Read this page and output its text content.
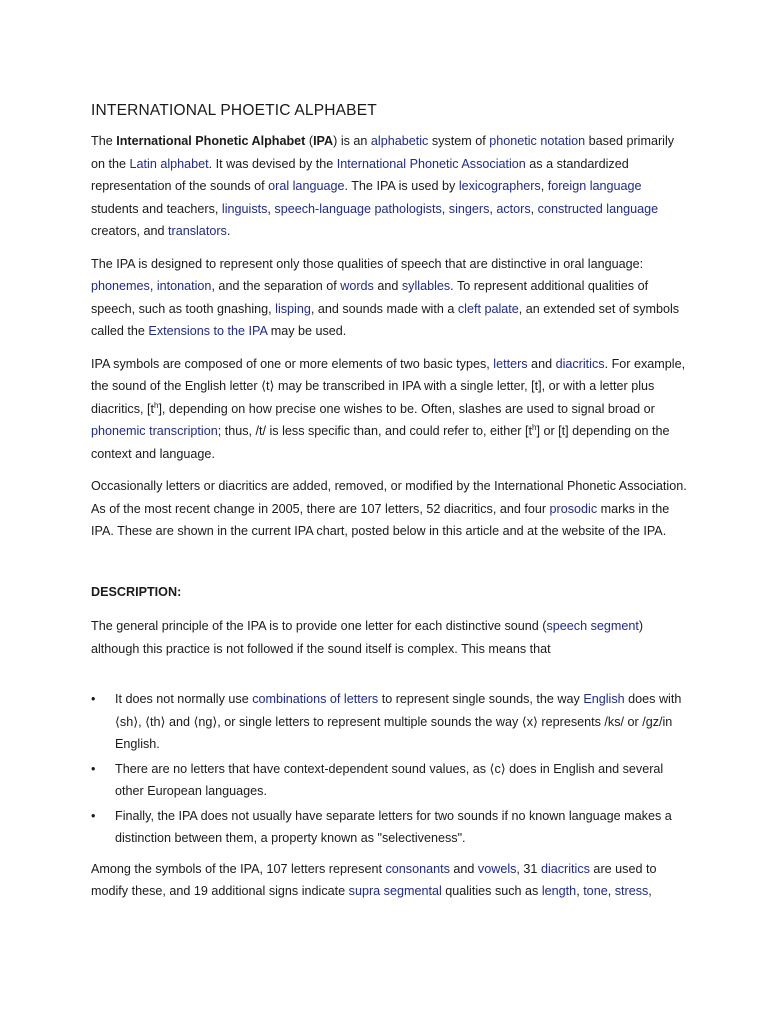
INTERNATIONAL PHOETIC ALPHABET

The International Phonetic Alphabet (IPA) is an alphabetic system of phonetic notation based primarily on the Latin alphabet. It was devised by the International Phonetic Association as a standardized representation of the sounds of oral language. The IPA is used by lexicographers, foreign language students and teachers, linguists, speech-language pathologists, singers, actors, constructed language creators, and translators.

The IPA is designed to represent only those qualities of speech that are distinctive in oral language: phonemes, intonation, and the separation of words and syllables. To represent additional qualities of speech, such as tooth gnashing, lisping, and sounds made with a cleft palate, an extended set of symbols called the Extensions to the IPA may be used.

IPA symbols are composed of one or more elements of two basic types, letters and diacritics. For example, the sound of the English letter ⟨t⟩ may be transcribed in IPA with a single letter, [t], or with a letter plus diacritics, $[t^h]$, depending on how precise one wishes to be. Often, slashes are used to signal broad or phonemic transcription; thus, /t/ is less specific than, and could refer to, either $[t^h]$ or [t] depending on the context and language.

Occasionally letters or diacritics are added, removed, or modified by the International Phonetic Association. As of the most recent change in 2005, there are 107 letters, 52 diacritics, and four prosodic marks in the IPA. These are shown in the current IPA chart, posted below in this article and at the website of the IPA.

DESCRIPTION:

The general principle of the IPA is to provide one letter for each distinctive sound (speech segment) although this practice is not followed if the sound itself is complex. This means that

• It does not normally use combinations of letters to represent single sounds, the way English does with ⟨sh⟩, ⟨th⟩ and ⟨ng⟩, or single letters to represent multiple sounds the way ⟨x⟩ represents /ks/ or /ɡz/in English.
• There are no letters that have context-dependent sound values, as ⟨c⟩ does in English and several other European languages.
• Finally, the IPA does not usually have separate letters for two sounds if no known language makes a distinction between them, a property known as "selectiveness".

Among the symbols of the IPA, 107 letters represent consonants and vowels, 31 diacritics are used to modify these, and 19 additional signs indicate supra segmental qualities such as length, tone, stress,
